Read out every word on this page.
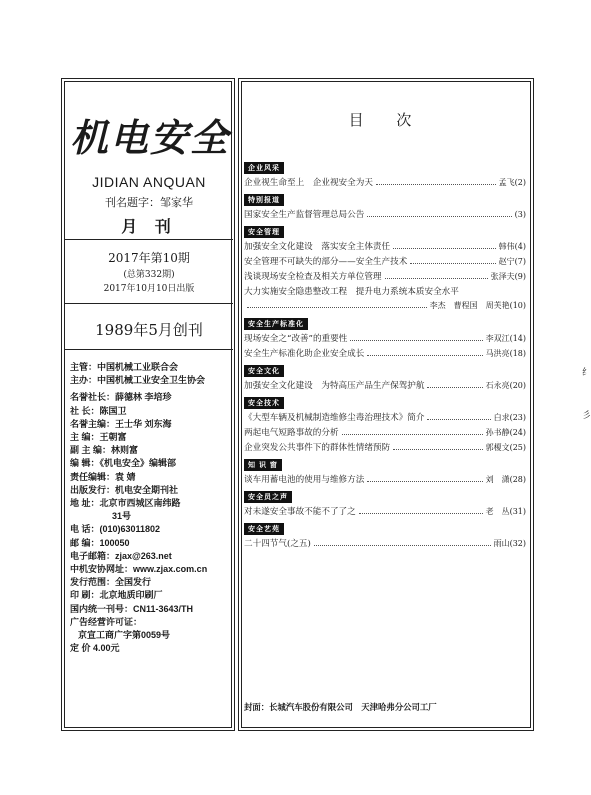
机电安全
JIDIAN ANQUAN
刊名题字：邹家华
月 刊
2017年第10期
(总第332期)
2017年10月10日出版
1989年5月创刊
主管：中国机械工业联合会
主办：中国机械工业安全卫生协会
名誉社长：薛德林 李培珍
社 长：陈国卫
名誉主编：王士华 刘东海
主 编：王朝富
副 主 编：林则富
编 辑：《机电安全》编辑部
责任编辑：袁 婧
出版发行：机电安全期刊社
地 址：北京市西城区南纬路
31号
电 话：(010)63011802
邮 编：100050
电子邮箱：zjax@263.net
中机安协网址：www.zjax.com.cn
发行范围：全国发行
印 刷：北京地质印刷厂
国内统一刊号：CN11-3643/TH
广告经营许可证：
京宣工商广字第0059号
定 价 4.00元
目 次
企业风采
企业视生命至上　企业视安全为天	孟飞(2)
特别报道
国家安全生产监督管理总局公告	(3)
安全管理
加强安全文化建设　落实安全主体责任	韩伟(4)
安全管理不可缺失的部分——安全生产技术	赵宁(7)
浅谈现场安全检查及相关方单位管理	张泽夫(9)
大力实施安全隐患整改工程　提升电力系统本质安全水平
李杰　曹程国　周芙艳(10)
安全生产标准化
现场安全之“改善”的重要性	李双江(14)
安全生产标准化助企业安全成长	马洪亮(18)
安全文化
加强安全文化建设　为特高压产品生产保驾护航	石永亮(20)
安全技术
《大型车辆及机械制造维修尘毒治理技术》简介	白求(23)
两起电气短路事故的分析	孙书静(24)
企业突发公共事件下的群体性情绪预防	郭榎文(25)
知 识 窗
谈车用蓄电池的使用与维修方法	刘　潇(28)
安全员之声
对未遂安全事故不能不了了之	老　丛(31)
安全艺苑
二十四节气(之五)	雨山(32)
封面：长城汽车股份有限公司　天津哈弗分公司工厂
纟
彡
